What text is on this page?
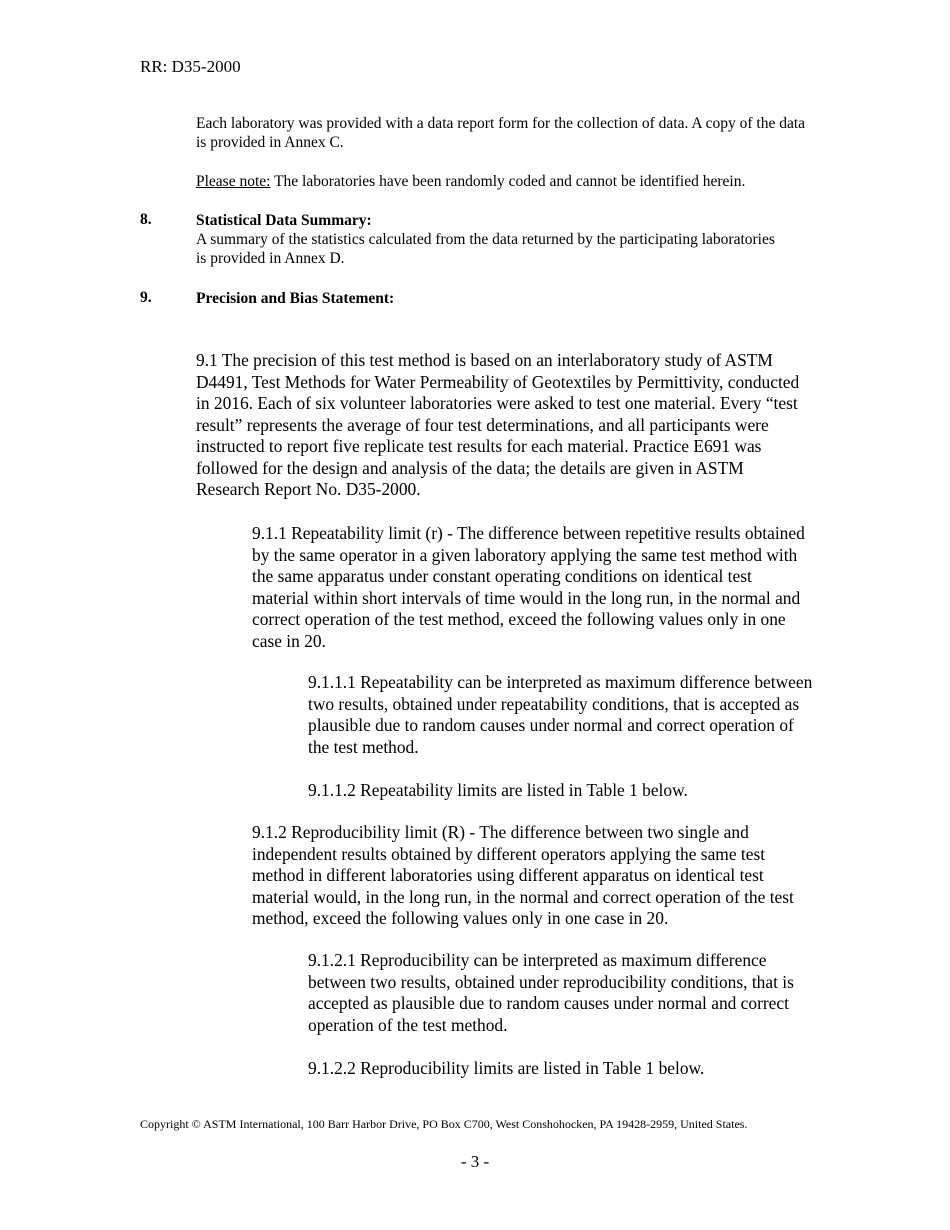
RR: D35-2000
Each laboratory was provided with a data report form for the collection of data. A copy of the data is provided in Annex C.
Please note: The laboratories have been randomly coded and cannot be identified herein.
8.	Statistical Data Summary:
A summary of the statistics calculated from the data returned by the participating laboratories is provided in Annex D.
9.	Precision and Bias Statement:
9.1 The precision of this test method is based on an interlaboratory study of ASTM D4491, Test Methods for Water Permeability of Geotextiles by Permittivity, conducted in 2016. Each of six volunteer laboratories were asked to test one material. Every “test result” represents the average of four test determinations, and all participants were instructed to report five replicate test results for each material. Practice E691 was followed for the design and analysis of the data; the details are given in ASTM Research Report No. D35-2000.
9.1.1 Repeatability limit (r) - The difference between repetitive results obtained by the same operator in a given laboratory applying the same test method with the same apparatus under constant operating conditions on identical test material within short intervals of time would in the long run, in the normal and correct operation of the test method, exceed the following values only in one case in 20.
9.1.1.1 Repeatability can be interpreted as maximum difference between two results, obtained under repeatability conditions, that is accepted as plausible due to random causes under normal and correct operation of the test method.
9.1.1.2 Repeatability limits are listed in Table 1 below.
9.1.2 Reproducibility limit (R) - The difference between two single and independent results obtained by different operators applying the same test method in different laboratories using different apparatus on identical test material would, in the long run, in the normal and correct operation of the test method, exceed the following values only in one case in 20.
9.1.2.1 Reproducibility can be interpreted as maximum difference between two results, obtained under reproducibility conditions, that is accepted as plausible due to random causes under normal and correct operation of the test method.
9.1.2.2 Reproducibility limits are listed in Table 1 below.
Copyright © ASTM International, 100 Barr Harbor Drive, PO Box C700, West Conshohocken, PA 19428-2959, United States.
- 3 -
